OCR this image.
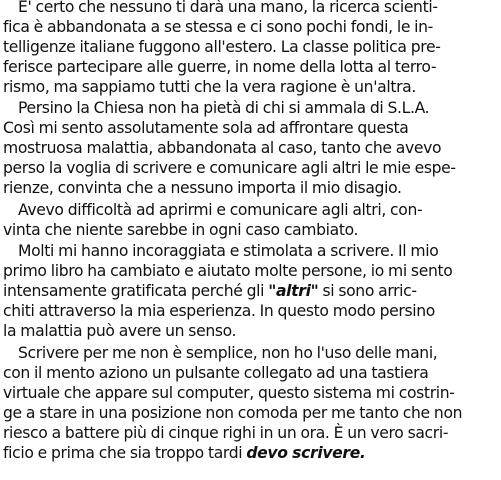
E' certo che nessuno ti darà una mano, la ricerca scienti-
fica è abbandonata a se stessa e ci sono pochi fondi, le in-
telligenze italiane fuggono all'estero. La classe politica pre-
ferisce partecipare alle guerre, in nome della lotta al terro-
rismo, ma sappiamo tutti che la vera ragione è un'altra.
Persino la Chiesa non ha pietà di chi si ammala di S.L.A.
Così mi sento assolutamente sola ad affrontare questa
mostruosa malattia, abbandonata al caso, tanto che avevo
perso la voglia di scrivere e comunicare agli altri le mie espe-
rienze, convinta che a nessuno importa il mio disagio.
Avevo difficoltà ad aprirmi e comunicare agli altri, con-
vinta che niente sarebbe in ogni caso cambiato.
Molti mi hanno incoraggiata e stimolata a scrivere. Il mio
primo libro ha cambiato e aiutato molte persone, io mi sento
intensamente gratificata perché gli "altri" si sono arric-
chiti attraverso la mia esperienza. In questo modo persino
la malattia può avere un senso.
Scrivere per me non è semplice, non ho l'uso delle mani,
con il mento aziono un pulsante collegato ad una tastiera
virtuale che appare sul computer, questo sistema mi costrin-
ge a stare in una posizione non comoda per me tanto che non
riesco a battere più di cinque righi in un ora. È un vero sacri-
ficio e prima che sia troppo tardi devo scrivere.
